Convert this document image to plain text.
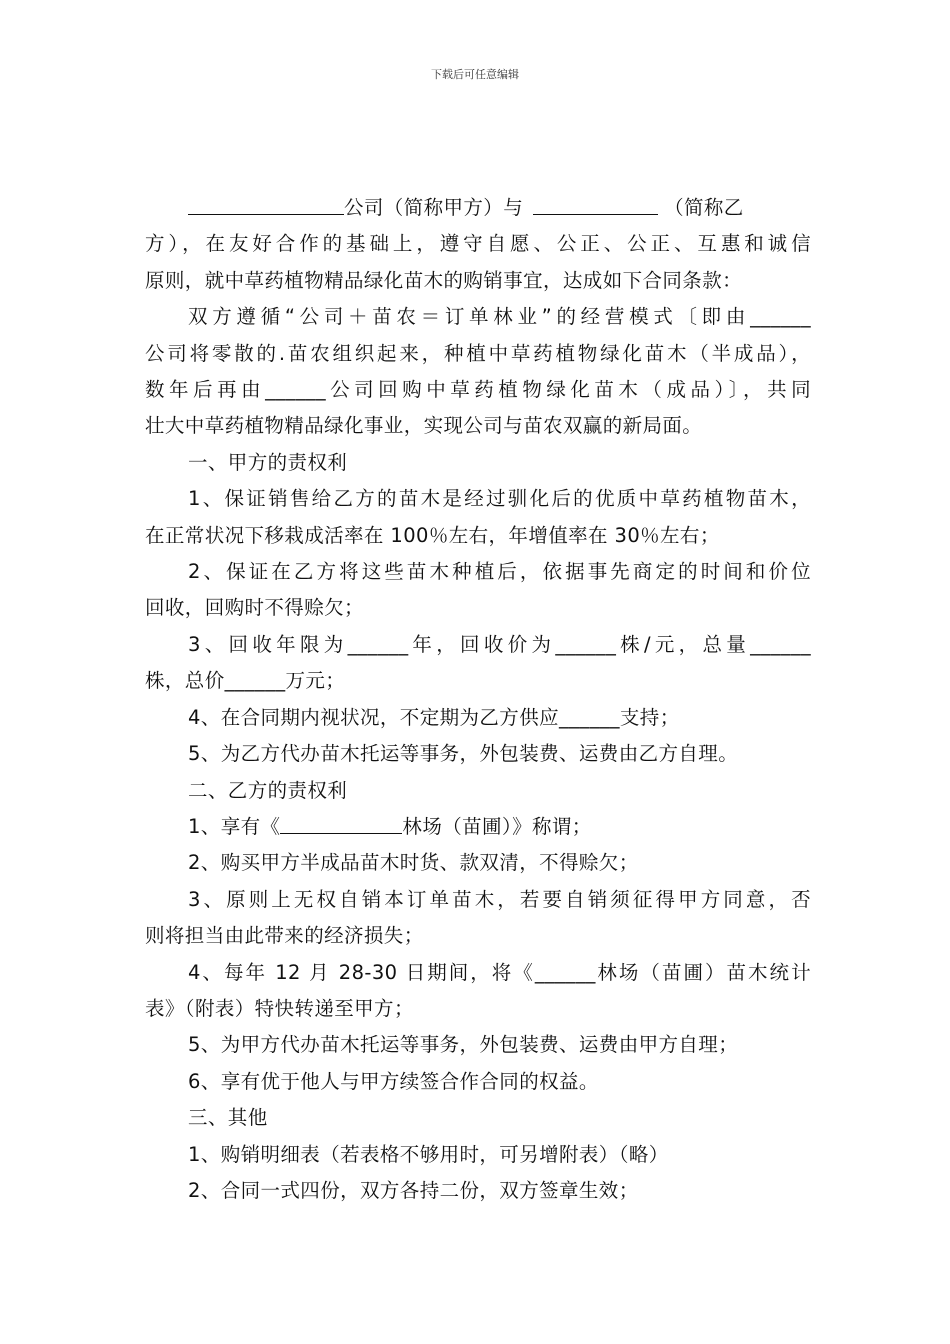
下载后可任意编辑

公司（简称甲方）与	（简称乙

方），在友好合作的基础上，遵守自愿、公正、公正、互惠和诚信

原则，就中草药植物精品绿化苗木的购销事宜，达成如下合同条款：

双方遵循“公司＋苗农＝订单林业”的经营模式〔即由______

公司将零散的.苗农组织起来，种植中草药植物绿化苗木（半成品），

数年后再由______公司回购中草药植物绿化苗木（成品）〕，共同

壮大中草药植物精品绿化事业，实现公司与苗农双赢的新局面。

一、甲方的责权利

1、保证销售给乙方的苗木是经过驯化后的优质中草药植物苗木，

在正常状况下移栽成活率在 100％左右，年增值率在 30％左右；

2、保证在乙方将这些苗木种植后，依据事先商定的时间和价位

回收，回购时不得赊欠；

3、回收年限为______年，回收价为______株/元，总量______

株，总价______万元；

4、在合同期内视状况，不定期为乙方供应______支持；

5、为乙方代办苗木托运等事务，外包装费、运费由乙方自理。

二、乙方的责权利

1、享有《	林场（苗圃）》称谓；

2、购买甲方半成品苗木时货、款双清，不得赊欠；

3、原则上无权自销本订单苗木，若要自销须征得甲方同意，否

则将担当由此带来的经济损失；

4、每年 12 月 28-30 日期间，将《______林场（苗圃）苗木统计

表》（附表）特快转递至甲方；

5、为甲方代办苗木托运等事务，外包装费、运费由甲方自理；

6、享有优于他人与甲方续签合作合同的权益。

三、其他

1、购销明细表（若表格不够用时，可另增附表）（略）

2、合同一式四份，双方各持二份，双方签章生效；
